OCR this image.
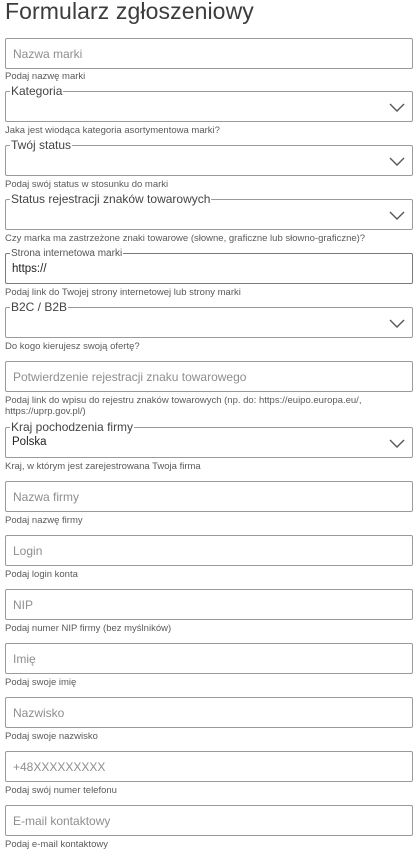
Formularz zgłoszeniowy
Nazwa marki

Podaj nazwę marki

Kategoria

Jaka jest wiodąca kategoria asortymentowa marki?

Twój status

Podaj swój status w stosunku do marki

Status rejestracji znaków towarowych

Czy marka ma zastrzeżone znaki towarowe (słowne, graficzne lub słowno-graficzne)?

Strona internetowa marki
https://

Podaj link do Twojej strony internetowej lub strony marki

B2C / B2B

Do kogo kierujesz swoją ofertę?

Potwierdzenie rejestracji znaku towarowego

Podaj link do wpisu do rejestru znaków towarowych (np. do: https://euipo.europa.eu/, https://uprp.gov.pl/)

Kraj pochodzenia firmy
Polska

Kraj, w którym jest zarejestrowana Twoja firma

Nazwa firmy

Podaj nazwę firmy

Login

Podaj login konta

NIP

Podaj numer NIP firmy (bez myślników)

Imię

Podaj swoje imię

Nazwisko

Podaj swoje nazwisko

+48XXXXXXXXX

Podaj swój numer telefonu

E-mail kontaktowy

Podaj e-mail kontaktowy
